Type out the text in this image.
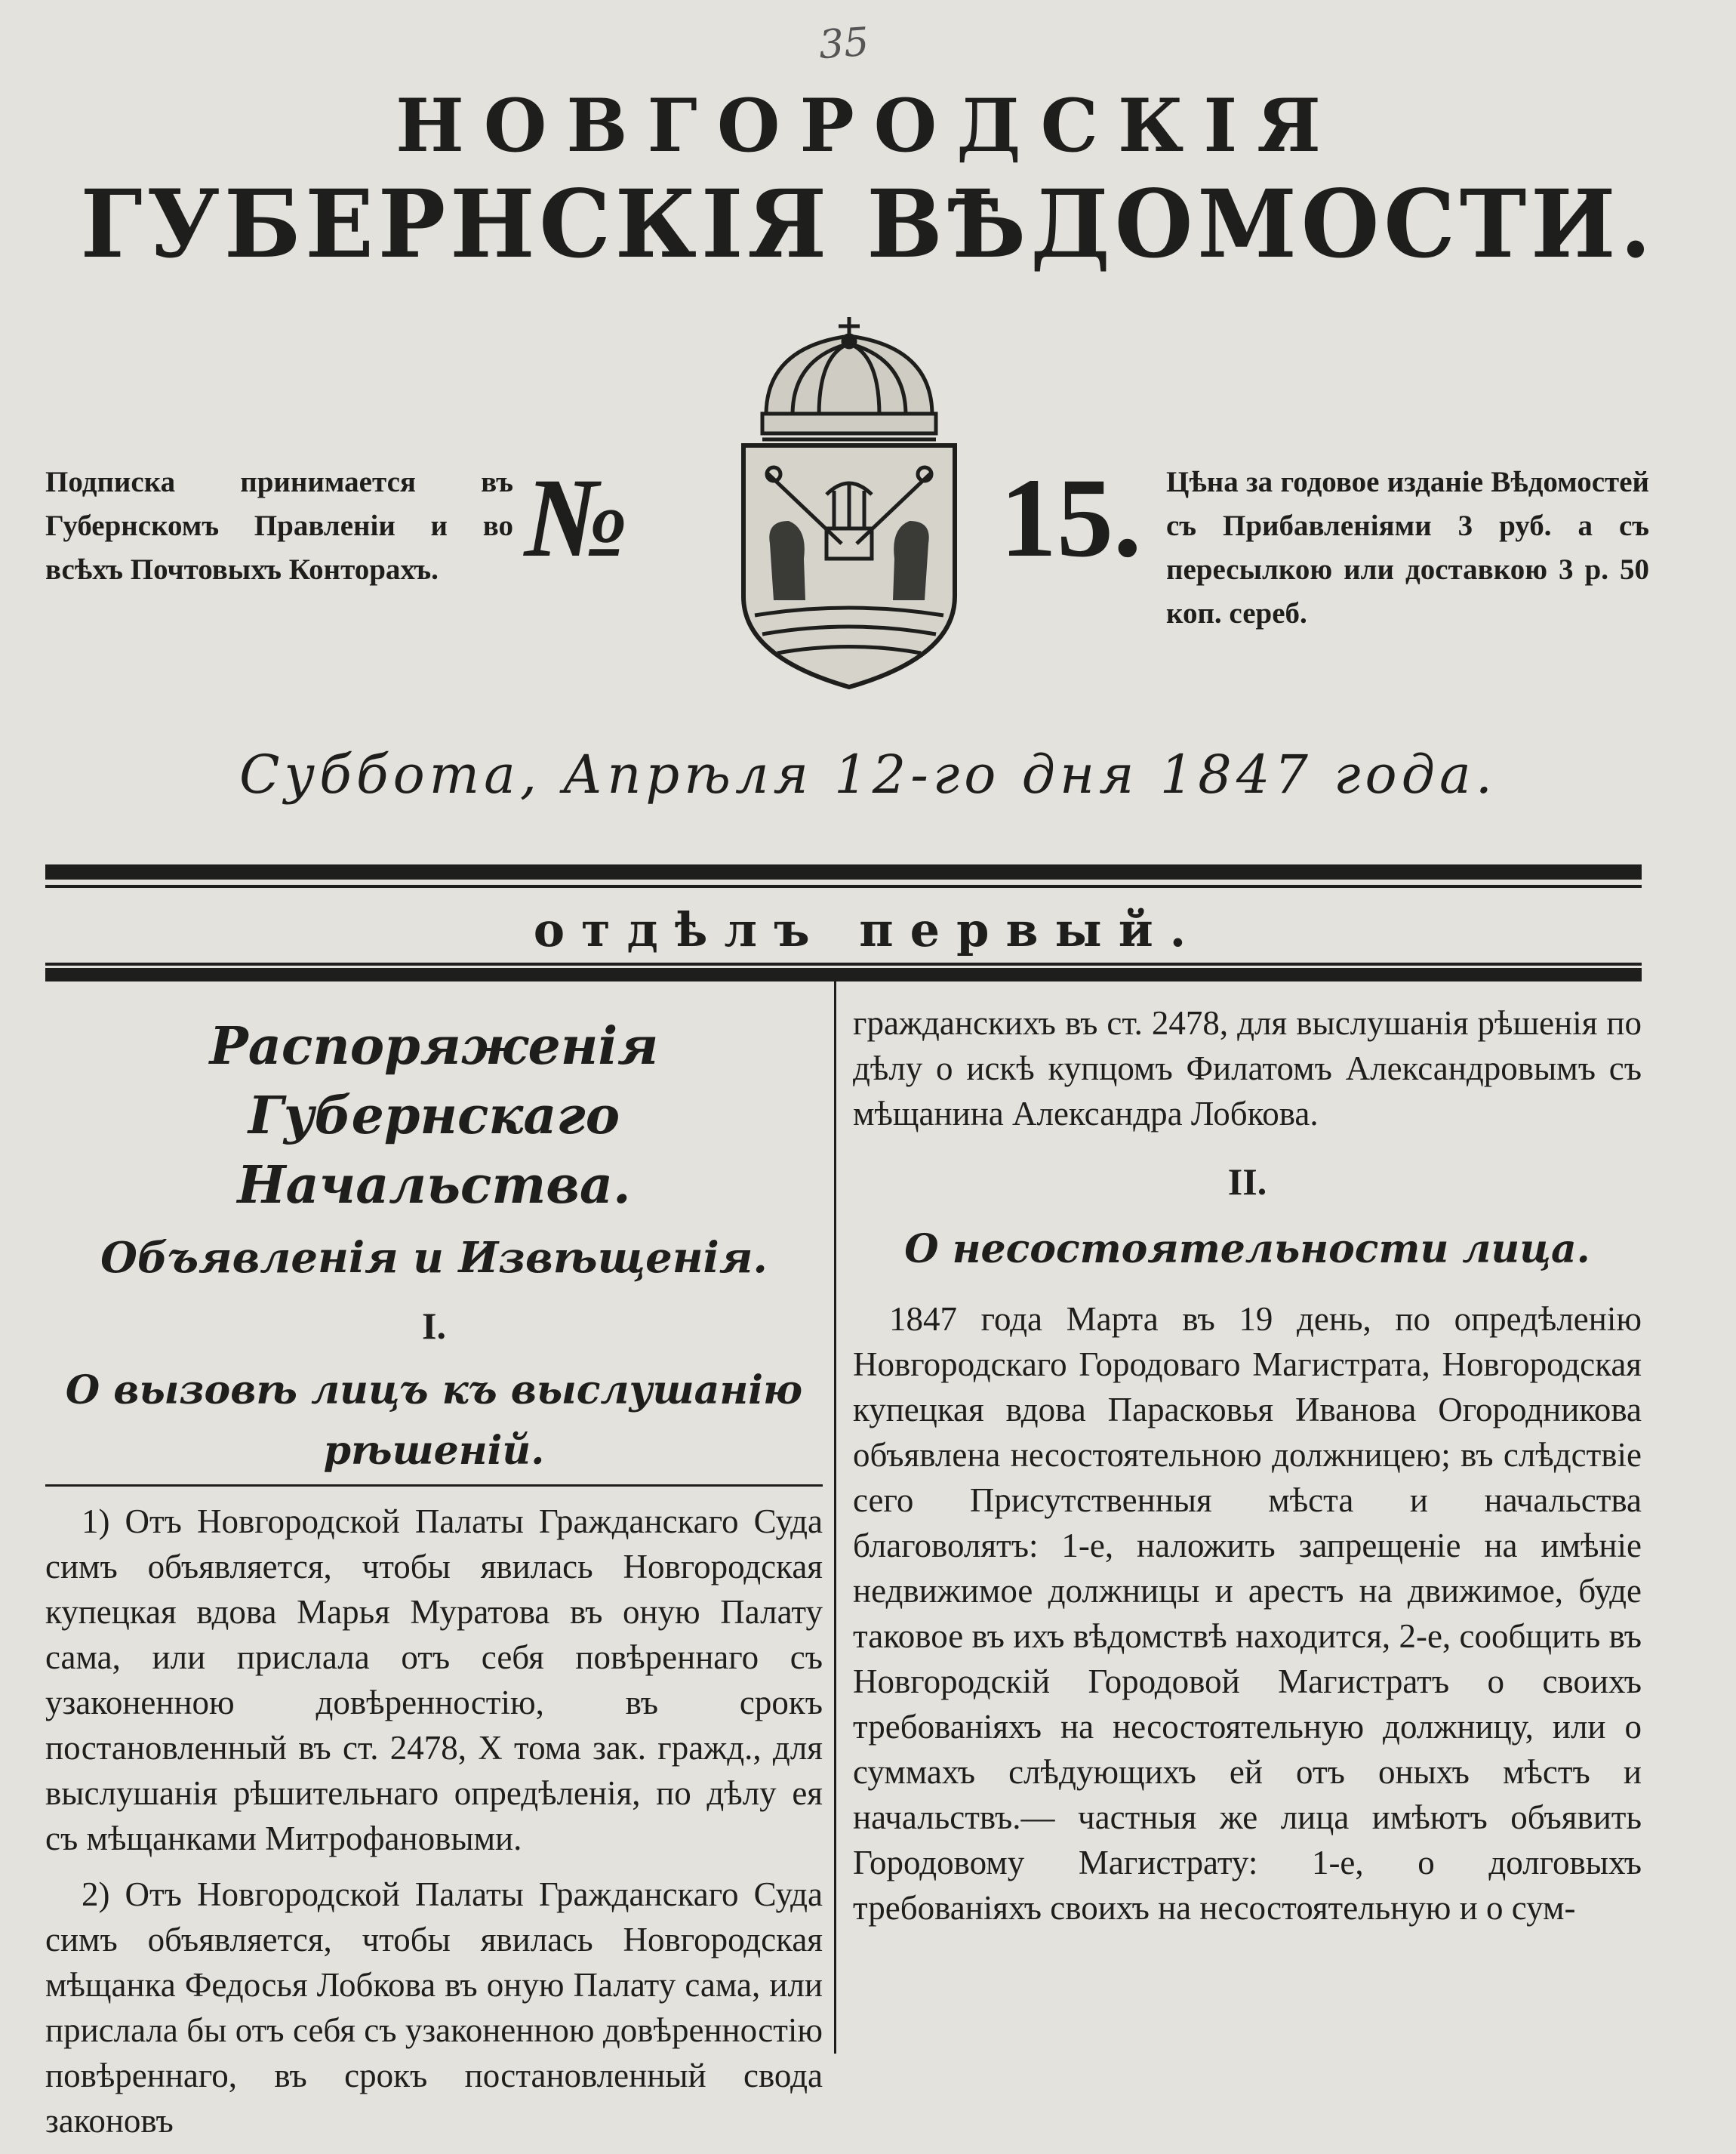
35
НОВГОРОДСКІЯ
ГУБЕРНСКІЯ ВѢДОМОСТИ.
Подписка принимается въ Губернскомъ Правленіи и во всѣхъ Почтовыхъ Конторахъ. №	15. Цѣна за годовое изданіе Вѣдомостей съ Прибавленіями 3 руб. а съ пересылкою или доставкою 3 р. 50 коп. сереб.
Суббота, Апрѣля 12-го дня 1847 года.
отдѣлъ первый.

Распоряженія Губернскаго Начальства.

Объявленія и Извѣщенія.

I.

О вызовѣ лицъ къ выслушанію рѣшеній.

1) Отъ Новгородской Палаты Гражданскаго Суда симъ объявляется, чтобы явилась Новгородская купецкая вдова Марья Муратова въ оную Палату сама, или прислала отъ себя повѣреннаго съ узаконенною довѣренностію, въ срокъ постановленный въ ст. 2478, X тома зак. гражд., для выслушанія рѣшительнаго опредѣленія, по дѣлу ея съ мѣщанками Митрофановыми.

2) Отъ Новгородской Палаты Гражданскаго Суда симъ объявляется, чтобы явилась Новгородская мѣщанка Федосья Лобкова въ оную Палату сама, или прислала бы отъ себя съ узаконенною довѣренностію повѣреннаго, въ срокъ постановленный свода законовъ

гражданскихъ въ ст. 2478, для выслушанія рѣшенія по дѣлу о искѣ купцомъ Филатомъ Александровымъ съ мѣщанина Александра Лобкова.

II.

О несостоятельности лица.

1847 года Марта въ 19 день, по опредѣленію Новгородскаго Городоваго Магистрата, Новгородская купецкая вдова Парасковья Иванова Огородникова объявлена несостоятельною должницею; въ слѣдствіе сего Присутственныя мѣста и начальства благоволятъ: 1-е, наложить запрещеніе на имѣніе недвижимое должницы и арестъ на движимое, буде таковое въ ихъ вѣдомствѣ находится, 2-е, сообщить въ Новгородскій Городовой Магистратъ о своихъ требованіяхъ на несостоятельную должницу, или о суммахъ слѣдующихъ ей отъ оныхъ мѣстъ и начальствъ.— частныя же лица имѣютъ объявить Городовому Магистрату: 1-е, о долговыхъ требованіяхъ своихъ на несостоятельную и о сум-
